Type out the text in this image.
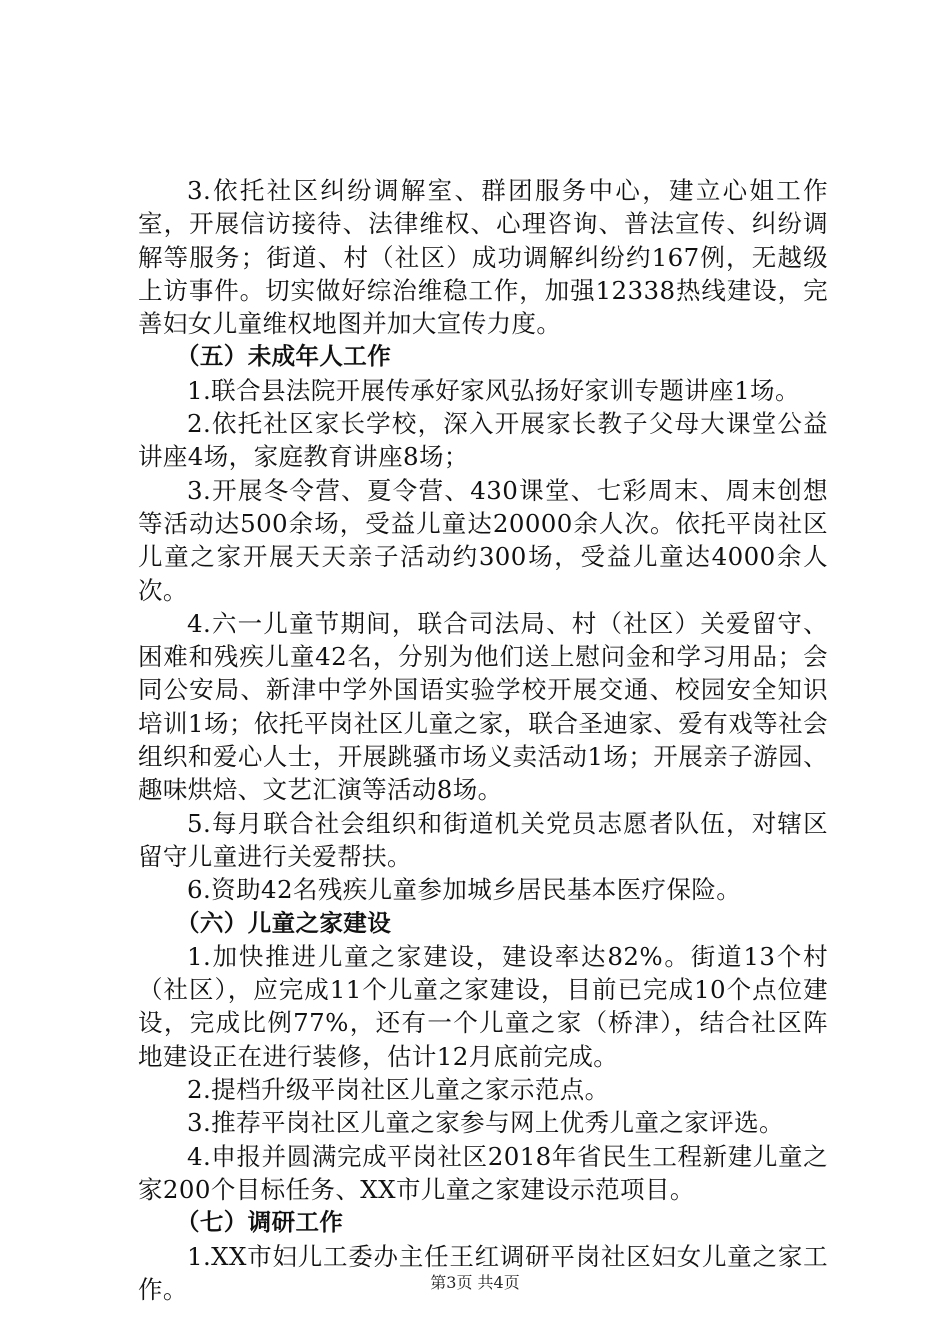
3.依托社区纠纷调解室、群团服务中心，建立心姐工作室，开展信访接待、法律维权、心理咨询、普法宣传、纠纷调解等服务；街道、村（社区）成功调解纠纷约167例，无越级上访事件。切实做好综治维稳工作，加强12338热线建设，完善妇女儿童维权地图并加大宣传力度。

（五）未成年人工作

1.联合县法院开展传承好家风弘扬好家训专题讲座1场。

2.依托社区家长学校，深入开展家长教子父母大课堂公益讲座4场，家庭教育讲座8场；

3.开展冬令营、夏令营、430课堂、七彩周末、周末创想等活动达500余场，受益儿童达20000余人次。依托平岗社区儿童之家开展天天亲子活动约300场，受益儿童达4000余人次。

4.六一儿童节期间，联合司法局、村（社区）关爱留守、困难和残疾儿童42名，分别为他们送上慰问金和学习用品；会同公安局、新津中学外国语实验学校开展交通、校园安全知识培训1场；依托平岗社区儿童之家，联合圣迪家、爱有戏等社会组织和爱心人士，开展跳骚市场义卖活动1场；开展亲子游园、趣味烘焙、文艺汇演等活动8场。

5.每月联合社会组织和街道机关党员志愿者队伍，对辖区留守儿童进行关爱帮扶。

6.资助42名残疾儿童参加城乡居民基本医疗保险。

（六）儿童之家建设

1.加快推进儿童之家建设，建设率达82%。街道13个村（社区），应完成11个儿童之家建设，目前已完成10个点位建设，完成比例77%，还有一个儿童之家（桥津），结合社区阵地建设正在进行装修，估计12月底前完成。

2.提档升级平岗社区儿童之家示范点。

3.推荐平岗社区儿童之家参与网上优秀儿童之家评选。

4.申报并圆满完成平岗社区2018年省民生工程新建儿童之家200个目标任务、XX市儿童之家建设示范项目。

（七）调研工作

1.XX市妇儿工委办主任王红调研平岗社区妇女儿童之家工作。	第3页 共4页
